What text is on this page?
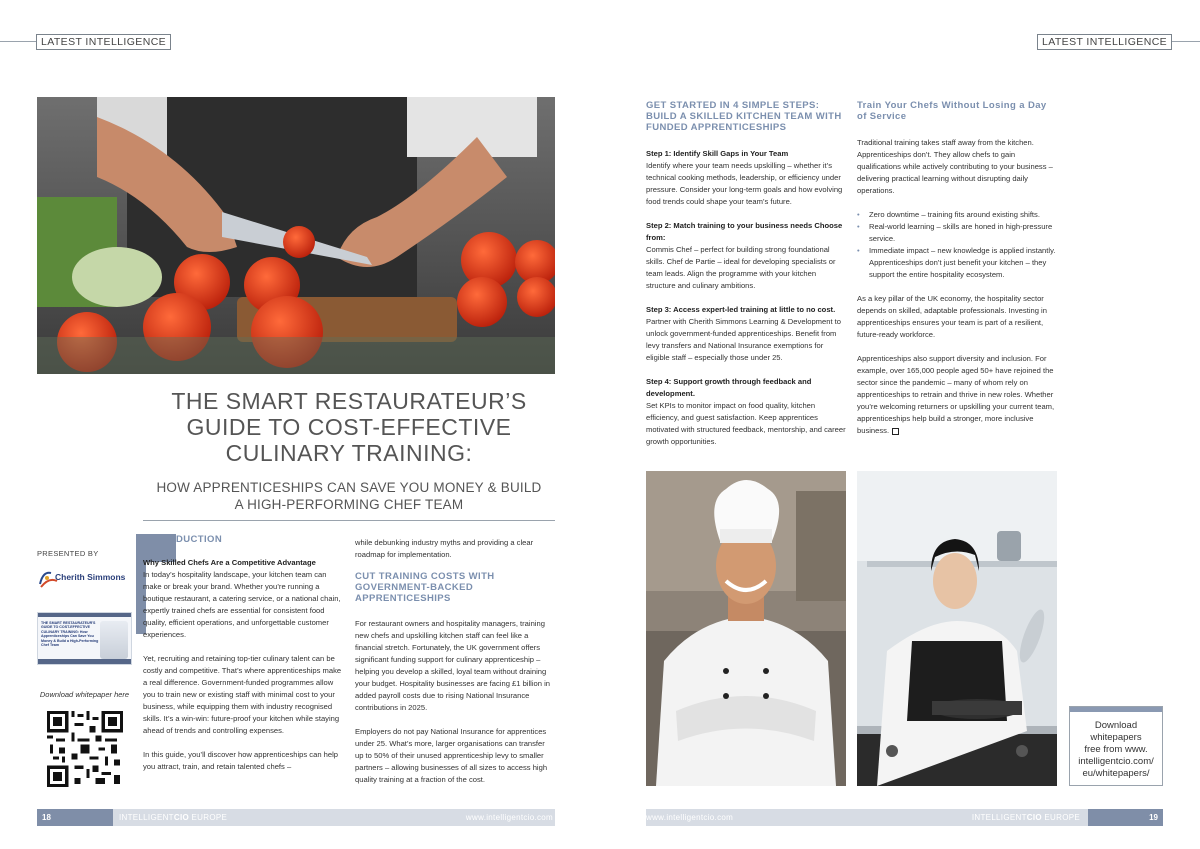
LATEST INTELLIGENCE	LATEST INTELLIGENCE
THE SMART RESTAURATEUR’S
GUIDE TO COST-EFFECTIVE
CULINARY TRAINING:
HOW APPRENTICESHIPS CAN SAVE YOU MONEY & BUILD
A HIGH-PERFORMING CHEF TEAM
PRESENTED BY
Cherith Simmons
THE SMART RESTAURATEUR'S GUIDE TO COST-EFFECTIVE CULINARY TRAINING: How Apprenticeships Can Save You Money & Build a High-Performing Chef Team
Download whitepaper here
DUCTION
Why Skilled Chefs Are a Competitive Advantage

In today’s hospitality landscape, your kitchen team can make or break your brand. Whether you’re running a boutique restaurant, a catering service, or a national chain, expertly trained chefs are essential for consistent food quality, efficient operations, and unforgettable customer experiences.

Yet, recruiting and retaining top-tier culinary talent can be costly and competitive. That’s where apprenticeships make a real difference. Government-funded programmes allow you to train new or existing staff with minimal cost to your business, while equipping them with industry recognised skills. It’s a win-win: future-proof your kitchen while staying ahead of trends and controlling expenses.

In this guide, you’ll discover how apprenticeships can help you attract, train, and retain talented chefs –

while debunking industry myths and providing a clear roadmap for implementation.

CUT TRAINING COSTS WITH GOVERNMENT-BACKED APPRENTICESHIPS

For restaurant owners and hospitality managers, training new chefs and upskilling kitchen staff can feel like a financial stretch. Fortunately, the UK government offers significant funding support for culinary apprenticeship – helping you develop a skilled, loyal team without draining your budget. Hospitality businesses are facing £1 billion in added payroll costs due to rising National Insurance contributions in 2025.

Employers do not pay National Insurance for apprentices under 25. What’s more, larger organisations can transfer up to 50% of their unused apprenticeship levy to smaller partners – allowing businesses of all sizes to access high quality training at a fraction of the cost.

GET STARTED IN 4 SIMPLE STEPS: BUILD A SKILLED KITCHEN TEAM WITH FUNDED APPRENTICESHIPS
Step 1: Identify Skill Gaps in Your Team

Identify where your team needs upskilling – whether it’s technical cooking methods, leadership, or efficiency under pressure. Consider your long-term goals and how evolving food trends could shape your team’s future.

Step 2: Match training to your business needs Choose from:

Commis Chef – perfect for building strong foundational skills. Chef de Partie – ideal for developing specialists or team leads. Align the programme with your kitchen structure and culinary ambitions.

Step 3: Access expert-led training at little to no cost.

Partner with Cherith Simmons Learning & Development to unlock government-funded apprenticeships. Benefit from levy transfers and National Insurance exemptions for eligible staff – especially those under 25.

Step 4: Support growth through feedback and development.

Set KPIs to monitor impact on food quality, kitchen efficiency, and guest satisfaction. Keep apprentices motivated with structured feedback, mentorship, and career growth opportunities.

Train Your Chefs Without Losing a Day of Service

Traditional training takes staff away from the kitchen. Apprenticeships don’t. They allow chefs to gain qualifications while actively contributing to your business – delivering practical learning without disrupting daily operations.

• Zero downtime – training fits around existing shifts.
• Real-world learning – skills are honed in high-pressure service.
• Immediate impact – new knowledge is applied instantly. Apprenticeships don’t just benefit your kitchen – they support the entire hospitality ecosystem.

As a key pillar of the UK economy, the hospitality sector depends on skilled, adaptable professionals. Investing in apprenticeships ensures your team is part of a resilient, future-ready workforce.

Apprenticeships also support diversity and inclusion. For example, over 165,000 people aged 50+ have rejoined the sector since the pandemic – many of whom rely on apprenticeships to retrain and thrive in new roles. Whether you’re welcoming returners or upskilling your current team, apprenticeships help build a stronger, more inclusive business.

Download
whitepapers
free from www.
intelligentcio.com/
eu/whitepapers/
18	INTELLIGENTCIO EUROPE	www.intelligentcio.com	www.intelligentcio.com	INTELLIGENTCIO EUROPE	19
